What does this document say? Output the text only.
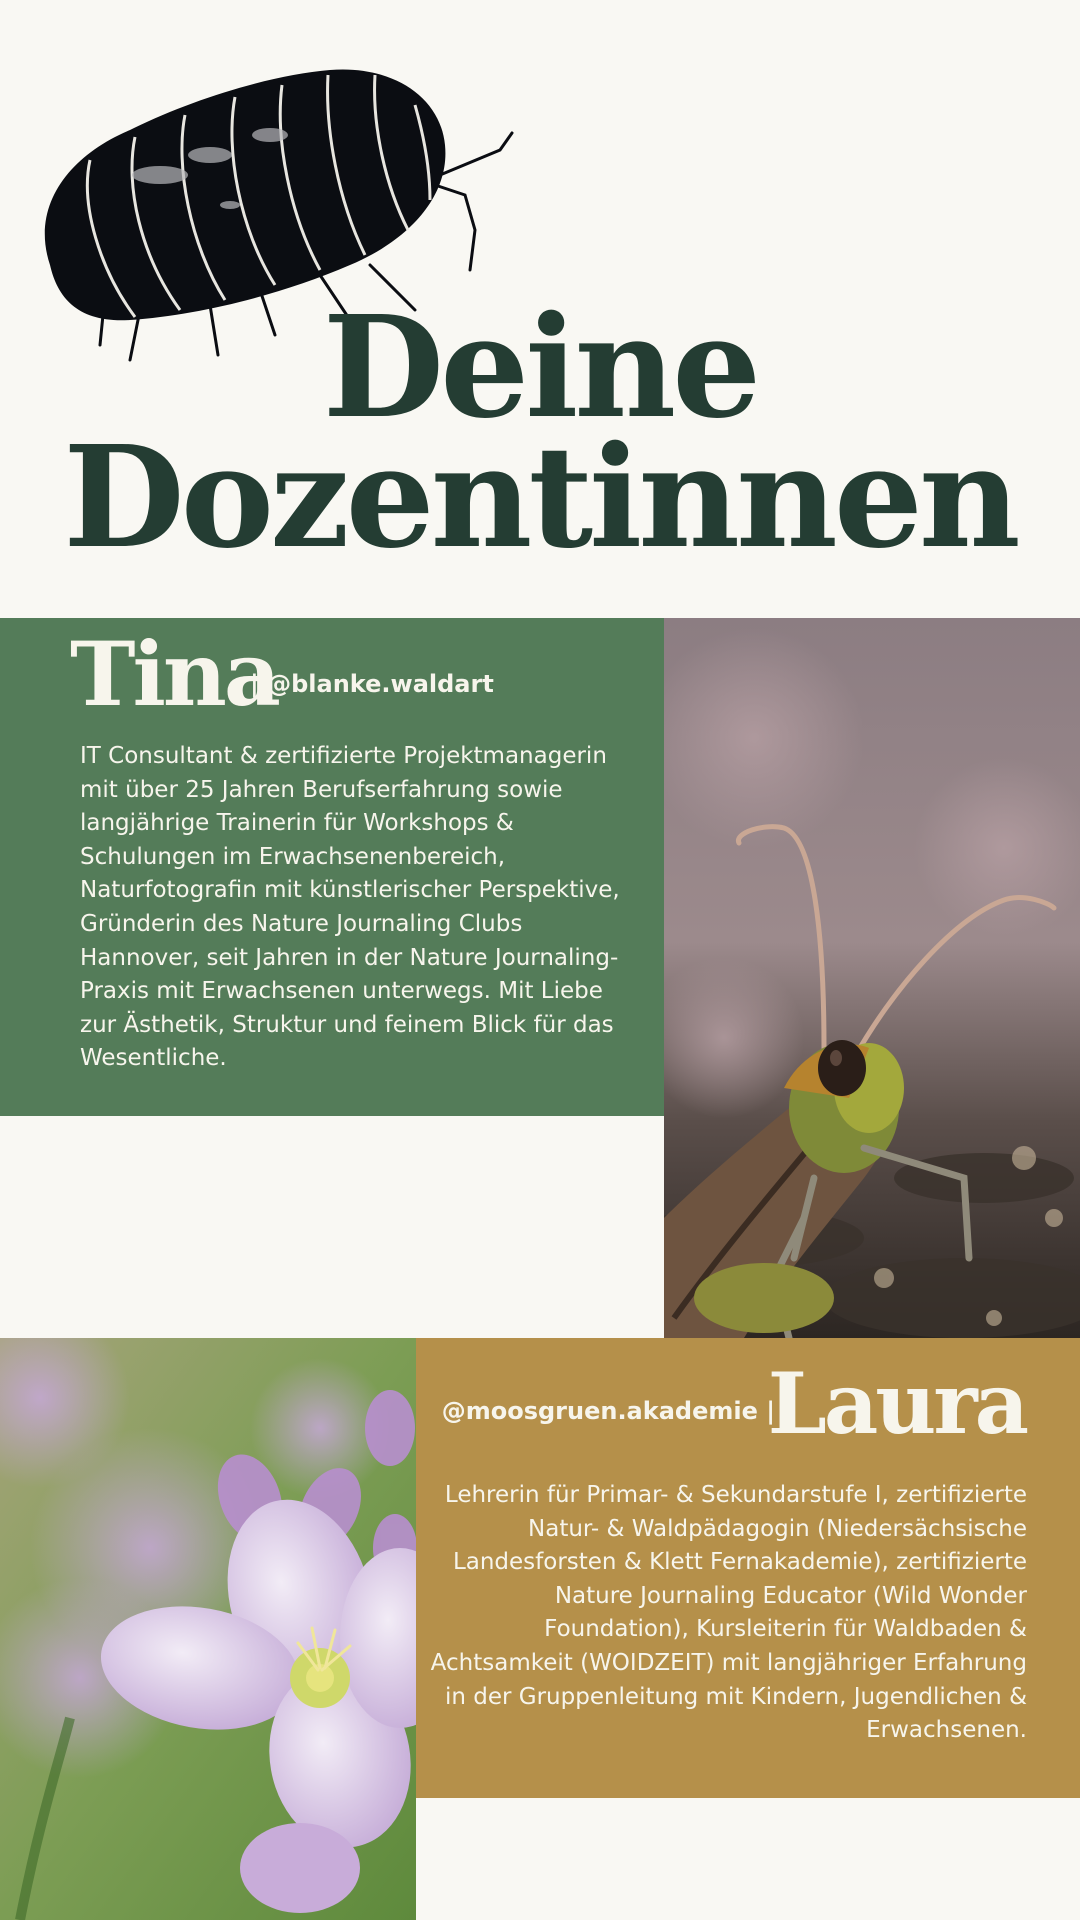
Deine
Dozentinnen
Tina
| @blanke.waldart

IT Consultant & zertifizierte Projektmanagerin mit über 25 Jahren Berufserfahrung sowie langjährige Trainerin für Workshops & Schulungen im Erwachsenenbereich, Naturfotografin mit künstlerischer Perspektive, Gründerin des Nature Journaling Clubs Hannover, seit Jahren in der Nature Journaling-Praxis mit Erwachsenen unterwegs. Mit Liebe zur Ästhetik, Struktur und feinem Blick für das Wesentliche.

Laura
@moosgruen.akademie |

Lehrerin für Primar- & Sekundarstufe I, zertifizierte Natur- & Waldpädagogin (Niedersächsische Landesforsten & Klett Fernakademie), zertifizierte Nature Journaling Educator (Wild Wonder Foundation), Kursleiterin für Waldbaden & Achtsamkeit (WOIDZEIT) mit langjähriger Erfahrung in der Gruppenleitung mit Kindern, Jugendlichen & Erwachsenen.
